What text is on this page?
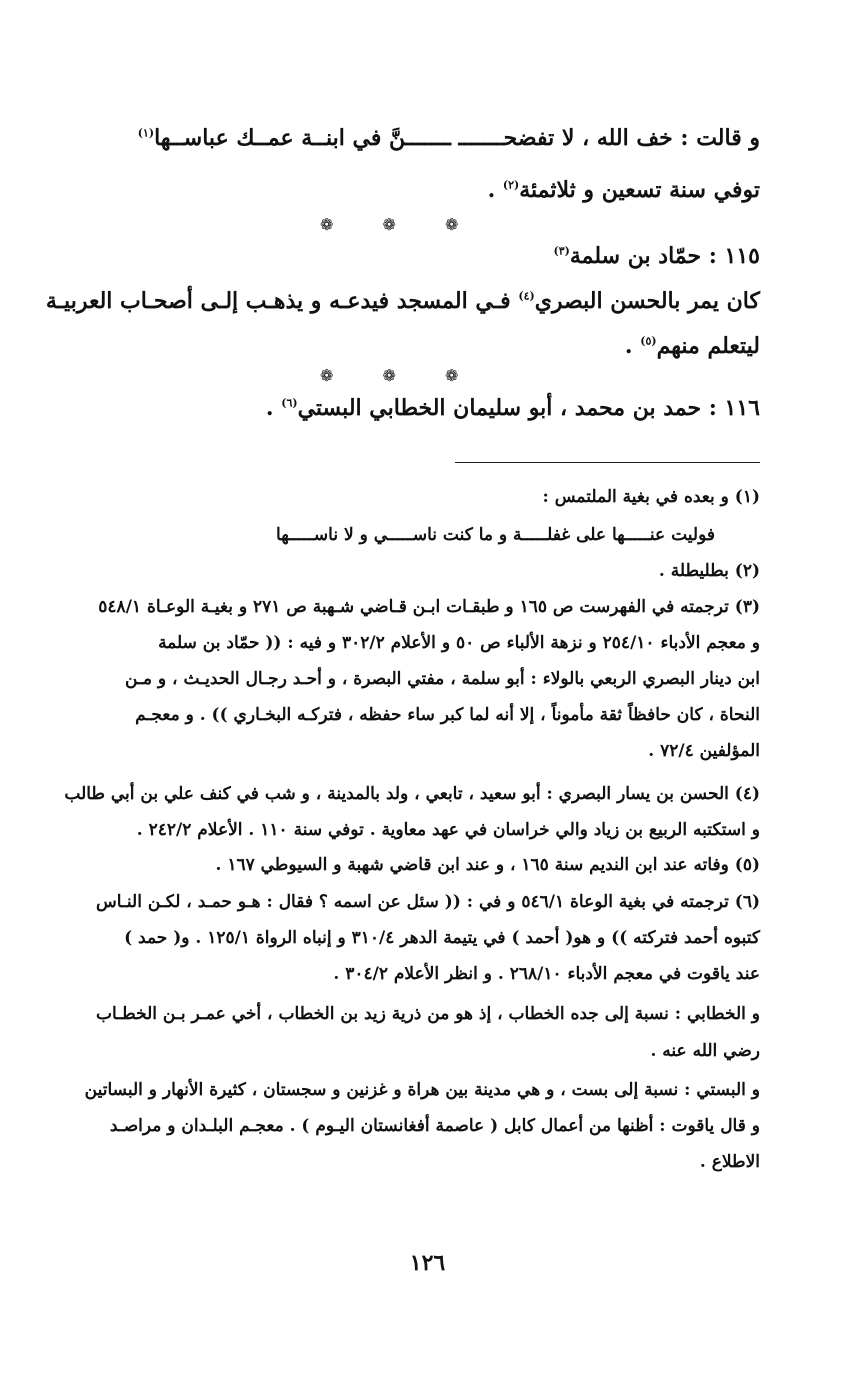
و قالت : خف الله ، لا تفضحـــــــ ـــــــنَّ في ابنــة عمــك عباســها$^{(١)}$
توفي سنة تسعين و ثلاثمئة$^{(٢)}$ .
❁ ❁ ❁
١١٥ : حمّاد بن سلمة$^{(٣)}$
كان يمر بالحسن البصري$^{(٤)}$ فـي المسجد فيدعـه و يذهـب إلـى أصحـاب العربيـة
ليتعلم منهم$^{(٥)}$ .
❁ ❁ ❁
١١٦ : حمد بن محمد ، أبو سليمان الخطابي البستي$^{(٦)}$ .
(١) و بعده في بغية الملتمس :
فوليت عنـــــها على غفلـــــة و ما كنت ناســـــي و لا ناســـــها
(٢) بطليطلة .
(٣) ترجمته في الفهرست ص ١٦٥ و طبقـات ابـن قـاضي شـهبة ص ٢٧١ و بغيـة الوعـاة ٥٤٨/١
و معجم الأدباء ٢٥٤/١٠ و نزهة الألباء ص ٥٠ و الأعلام ٣٠٢/٢ و فيه : (( حمّاد بن سلمة
ابن دينار البصري الربعي بالولاء : أبو سلمة ، مفتي البصرة ، و أحـد رجـال الحديـث ، و مـن
النحاة ، كان حافظاً ثقة مأموناً ، إلا أنه لما كبر ساء حفظه ، فتركـه البخـاري )) . و معجـم
المؤلفين ٧٢/٤ .
(٤) الحسن بن يسار البصري : أبو سعيد ، تابعي ، ولد بالمدينة ، و شب في كنف علي بن أبي طالب
و استكتبه الربيع بن زياد والي خراسان في عهد معاوية . توفي سنة ١١٠ . الأعلام ٢٤٢/٢ .
(٥) وفاته عند ابن النديم سنة ١٦٥ ، و عند ابن قاضي شهبة و السيوطي ١٦٧ .
(٦) ترجمته في بغية الوعاة ٥٤٦/١ و في : (( سئل عن اسمه ؟ فقال : هـو حمـد ، لكـن النـاس
كتبوه أحمد فتركته )) و هو( أحمد ) في يتيمة الدهر ٣١٠/٤ و إنباه الرواة ١٢٥/١ . و( حمد )
عند ياقوت في معجم الأدباء ٢٦٨/١٠ . و انظر الأعلام ٣٠٤/٢ .
و الخطابي : نسبة إلى جده الخطاب ، إذ هو من ذرية زيد بن الخطاب ، أخي عمـر بـن الخطـاب
رضي الله عنه .
و البستي : نسبة إلى بست ، و هي مدينة بين هراة و غزنين و سجستان ، كثيرة الأنهار و البساتين
و قال ياقوت : أظنها من أعمال كابل ( عاصمة أفغانستان اليـوم ) . معجـم البلـدان و مراصـد
الاطلاع .
١٢٦
